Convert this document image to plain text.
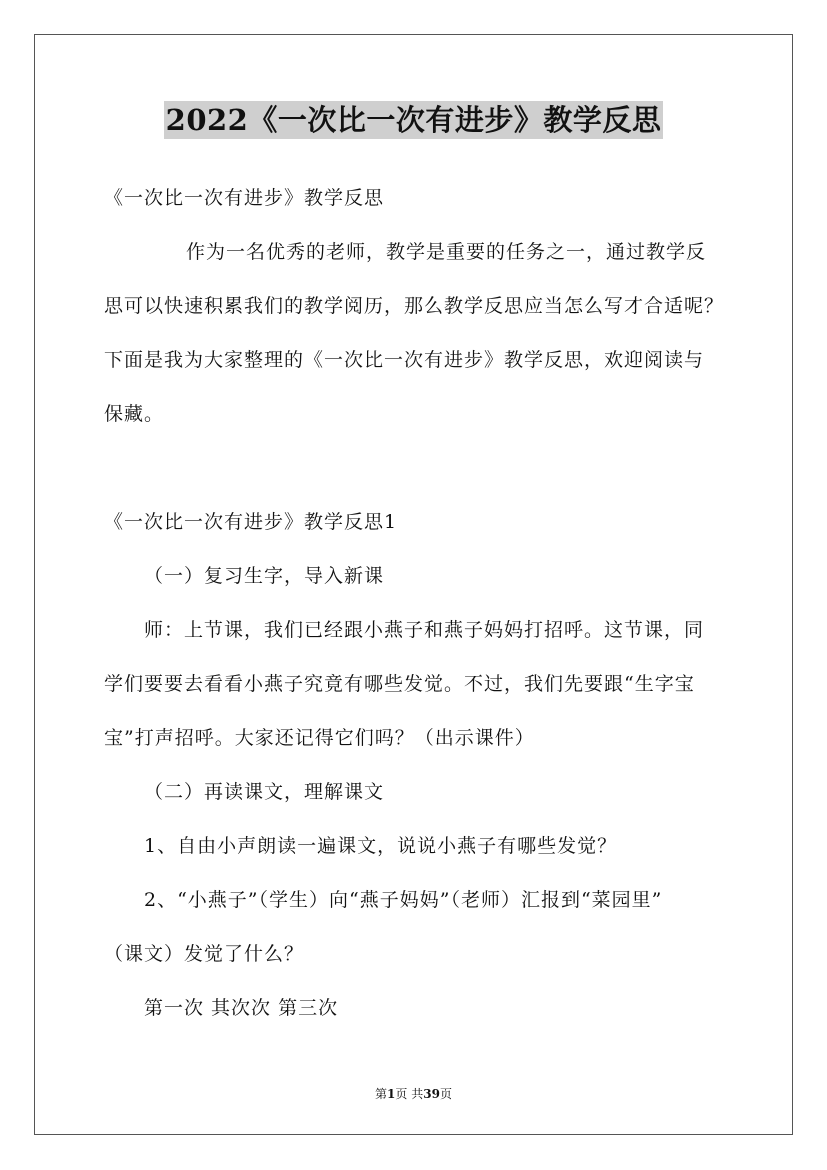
2022《一次比一次有进步》教学反思
《一次比一次有进步》教学反思
作为一名优秀的老师，教学是重要的任务之一，通过教学反
思可以快速积累我们的教学阅历，那么教学反思应当怎么写才合适呢？
下面是我为大家整理的《一次比一次有进步》教学反思，欢迎阅读与
保藏。
《一次比一次有进步》教学反思1
（一）复习生字，导入新课
师：上节课，我们已经跟小燕子和燕子妈妈打招呼。这节课，同
学们要要去看看小燕子究竟有哪些发觉。不过，我们先要跟“生字宝
宝”打声招呼。大家还记得它们吗？（出示课件）
（二）再读课文，理解课文
1、自由小声朗读一遍课文，说说小燕子有哪些发觉？
2、“小燕子”（学生）向“燕子妈妈”（老师）汇报到“菜园里”
（课文）发觉了什么？
第一次 其次次 第三次
第1页 共39页
